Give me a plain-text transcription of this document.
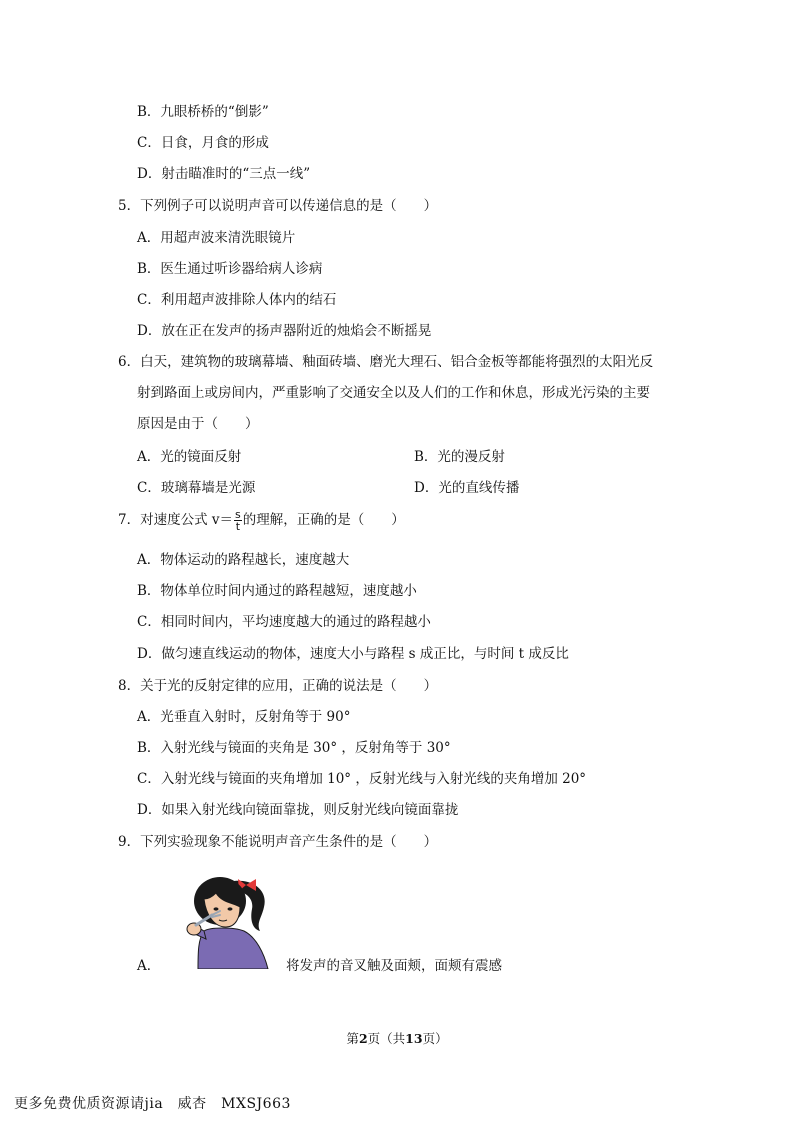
B．九眼桥桥的“倒影”
C．日食，月食的形成
D．射击瞄准时的“三点一线”
5．下列例子可以说明声音可以传递信息的是（　　）
A．用超声波来清洗眼镜片
B．医生通过听诊器给病人诊病
C．利用超声波排除人体内的结石
D．放在正在发声的扬声器附近的烛焰会不断摇晃
6．白天，建筑物的玻璃幕墙、釉面砖墙、磨光大理石、铝合金板等都能将强烈的太阳光反
射到路面上或房间内，严重影响了交通安全以及人们的工作和休息，形成光污染的主要
原因是由于（　　）
A．光的镜面反射	B．光的漫反射
C．玻璃幕墙是光源	D．光的直线传播
7．对速度公式 $v= \frac{s}{t}$ 的理解，正确的是（　　）
A．物体运动的路程越长，速度越大
B．物体单位时间内通过的路程越短，速度越小
C．相同时间内，平均速度越大的通过的路程越小
D．做匀速直线运动的物体，速度大小与路程 s 成正比，与时间 t 成反比
8．关于光的反射定律的应用，正确的说法是（　　）
A．光垂直入射时，反射角等于 90°
B．入射光线与镜面的夹角是 30° ，反射角等于 30°
C．入射光线与镜面的夹角增加 10° ，反射光线与入射光线的夹角增加 20°
D．如果入射光线向镜面靠拢，则反射光线向镜面靠拢
9．下列实验现象不能说明声音产生条件的是（　　）
A．	将发声的音叉触及面颊，面颊有震感
第2页（共13页）
更多免费优质资源请jia　威杏　MXSJ663
